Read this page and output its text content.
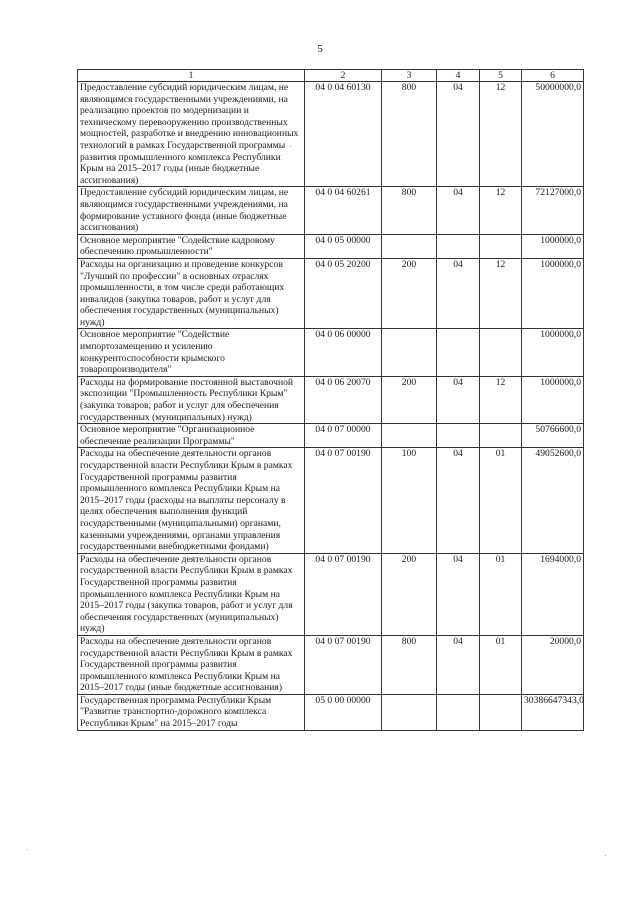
5
1	2	3	4	5	6
Предоставление субсидий юридическим лицам, не являющимся государственными учреждениями, на реализацию проектов по модернизации и техническому перевооружению производственных мощностей, разработке и внедрению инновационных технологий в рамках Государственной программы развития промышленного комплекса Республики Крым на 2015–2017 годы (иные бюджетные ассигнования)	04 0 04 60130	800	04	12	50000000,0
Предоставление субсидий юридическим лицам, не являющимся государственными учреждениями, на формирование уставного фонда (иные бюджетные ассигнования)	04 0 04 60261	800	04	12	72127000,0
Основное мероприятие "Содействие кадровому обеспечению промышленности"	04 0 05 00000				1000000,0
Расходы на организацию и проведение конкурсов "Лучший по профессии" в основных отраслях промышленности, в том числе среди работающих инвалидов (закупка товаров, работ и услуг для обеспечения государственных (муниципальных) нужд)	04 0 05 20200	200	04	12	1000000,0
Основное мероприятие "Содействие импортозамещению и усилению конкурентоспособности крымского товаропроизводителя"	04 0 06 00000				1000000,0
Расходы на формирование постоянной выставочной экспозиции "Промышленность Республики Крым" (закупка товаров, работ и услуг для обеспечения государственных (муниципальных) нужд)	04 0 06 20070	200	04	12	1000000,0
Основное мероприятие "Организационное обеспечение реализации Программы"	04 0 07 00000				50766600,0
Расходы на обеспечение деятельности органов государственной власти Республики Крым в рамках Государственной программы развития промышленного комплекса Республики Крым на 2015–2017 годы (расходы на выплаты персоналу в целях обеспечения выполнения функций государственными (муниципальными) органами, казенными учреждениями, органами управления государственными внебюджетными фондами)	04 0 07 00190	100	04	01	49052600,0
Расходы на обеспечение деятельности органов государственной власти Республики Крым в рамках Государственной программы развития промышленного комплекса Республики Крым на 2015–2017 годы (закупка товаров, работ и услуг для обеспечения государственных (муниципальных) нужд)	04 0 07 00190	200	04	01	1694000,0
Расходы на обеспечение деятельности органов государственной власти Республики Крым в рамках Государственной программы развития промышленного комплекса Республики Крым на 2015–2017 годы (иные бюджетные ассигнования)	04 0 07 00190	800	04	01	20000,0
Государственная программа Республики Крым "Развитие транспортно-дорожного комплекса Республики Крым" на 2015–2017 годы	05 0 00 00000				30386647343,0
